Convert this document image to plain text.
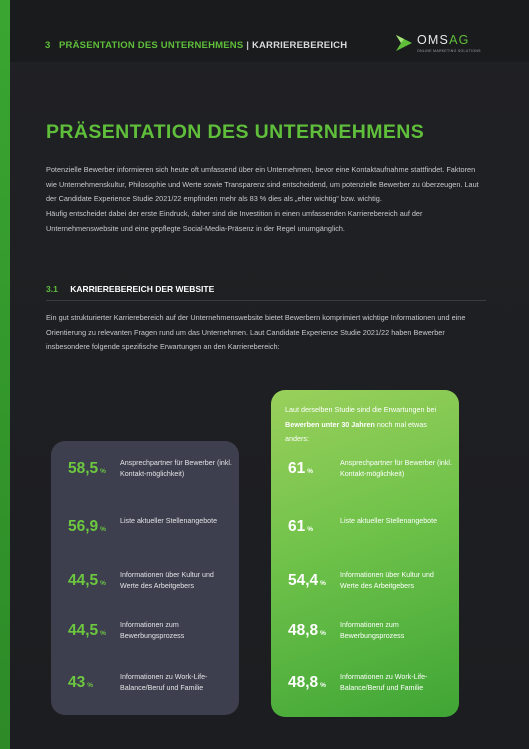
3 PRÄSENTATION DES UNTERNEHMENS | KARRIEREBEREICH	OMSAG
ONLINE MARKETING SOLUTIONS
PRÄSENTATION DES UNTERNEHMENS

Potenzielle Bewerber informieren sich heute oft umfassend über ein Unternehmen, bevor eine Kontaktaufnahme stattfindet. Faktoren wie Unternehmenskultur, Philosophie und Werte sowie Transparenz sind entscheidend, um potenzielle Bewerber zu überzeugen. Laut der Candidate Experience Studie 2021/22 empfinden mehr als 83 % dies als „eher wichtig“ bzw. wichtig.

Häufig entscheidet dabei der erste Eindruck, daher sind die Investition in einen umfassenden Karrierebereich auf der Unternehmenswebsite und eine gepflegte Social-Media-Präsenz in der Regel unumgänglich.

3.1 KARRIEREBEREICH DER WEBSITE

Ein gut strukturierter Karrierebereich auf der Unternehmenswebsite bietet Bewerbern komprimiert wichtige Informationen und eine Orientierung zu relevanten Fragen rund um das Unternehmen. Laut Candidate Experience Studie 2021/22 haben Bewerber insbesondere folgende spezifische Erwartungen an den Karrierebereich:

58,5 %
Ansprechpartner für Bewerber (inkl. Kontakt-möglichkeit)
56,9 %
Liste aktueller Stellenangebote
44,5 %
Informationen über Kultur und Werte des Arbeitgebers
44,5 %
Informationen zum Bewerbungsprozess
43 %
Informationen zu Work-Life-Balance/Beruf und Familie

Laut derselben Studie sind die Erwartungen bei Bewerben unter 30 Jahren noch mal etwas anders:

61 %
Ansprechpartner für Bewerber (inkl. Kontakt-möglichkeit)
61 %
Liste aktueller Stellenangebote
54,4 %
Informationen über Kultur und Werte des Arbeitgebers
48,8 %
Informationen zum Bewerbungsprozess
48,8 %
Informationen zu Work-Life-Balance/Beruf und Familie
